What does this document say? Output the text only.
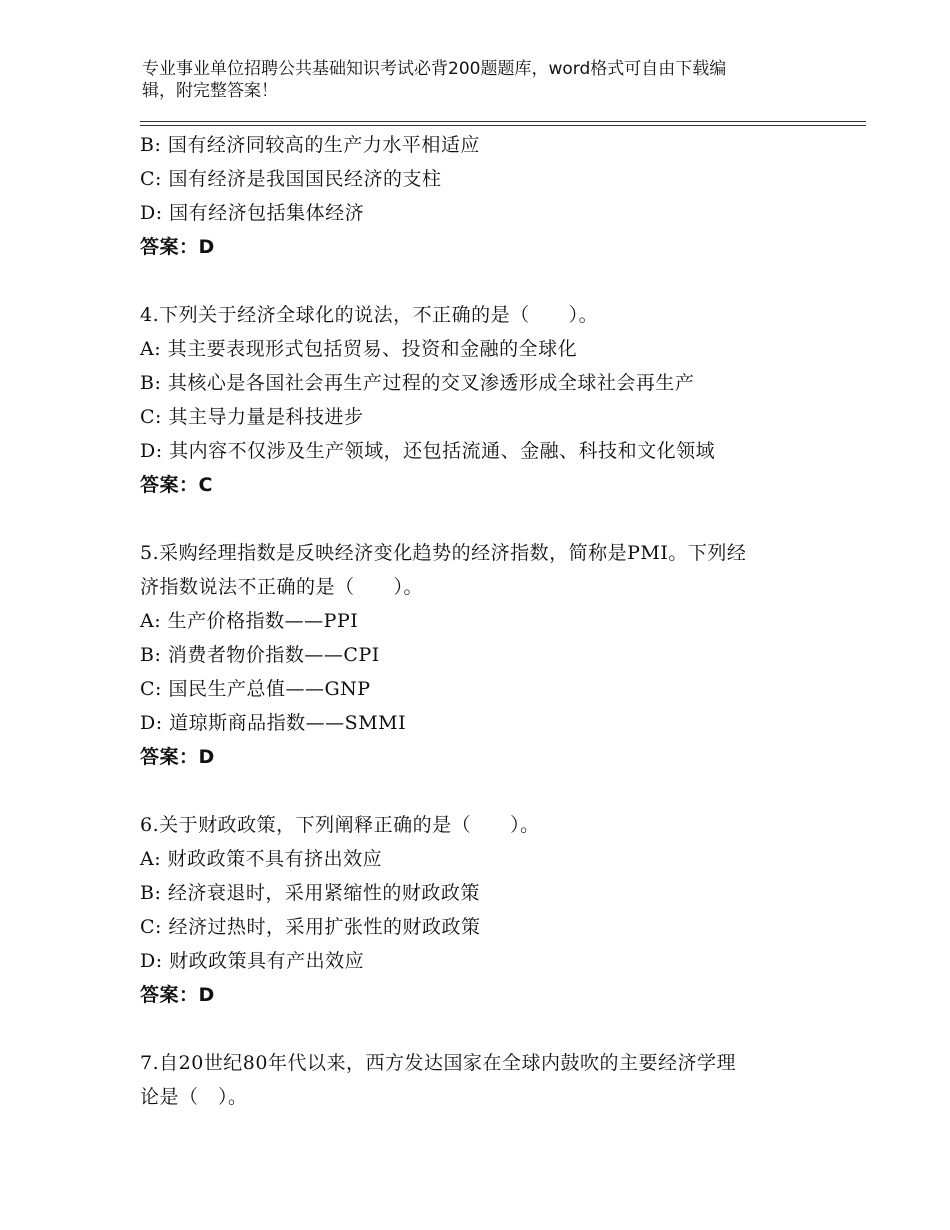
专业事业单位招聘公共基础知识考试必背200题题库，word格式可自由下载编
辑，附完整答案！
B: 国有经济同较高的生产力水平相适应
C: 国有经济是我国国民经济的支柱
D: 国有经济包括集体经济
答案：D
4.下列关于经济全球化的说法，不正确的是（　　）。
A: 其主要表现形式包括贸易、投资和金融的全球化
B: 其核心是各国社会再生产过程的交叉渗透形成全球社会再生产
C: 其主导力量是科技进步
D: 其内容不仅涉及生产领域，还包括流通、金融、科技和文化领域
答案：C
5.采购经理指数是反映经济变化趋势的经济指数，简称是PMI。下列经
济指数说法不正确的是（　　）。
A: 生产价格指数——PPI
B: 消费者物价指数——CPI
C: 国民生产总值——GNP
D: 道琼斯商品指数——SMMI
答案：D
6.关于财政政策，下列阐释正确的是（　　）。
A: 财政政策不具有挤出效应
B: 经济衰退时，采用紧缩性的财政政策
C: 经济过热时，采用扩张性的财政政策
D: 财政政策具有产出效应
答案：D
7.自20世纪80年代以来，西方发达国家在全球内鼓吹的主要经济学理
论是（　）。
